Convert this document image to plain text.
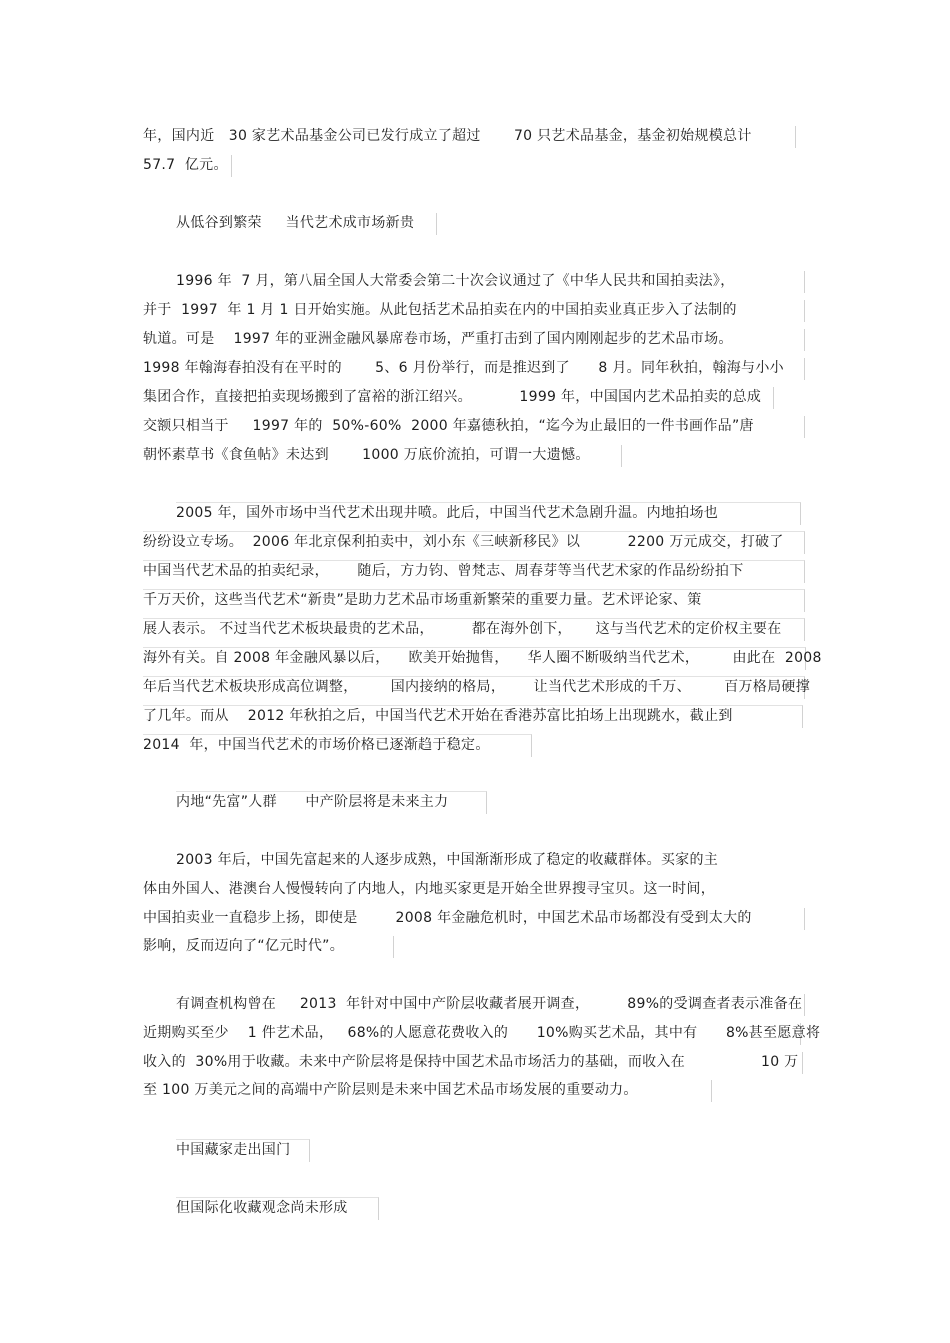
年，国内近   30 家艺术品基金公司已发行成立了超过       70 只艺术品基金，基金初始规模总计
57.7  亿元。
从低谷到繁荣     当代艺术成市场新贵
1996 年  7 月，第八届全国人大常委会第二十次会议通过了《中华人民共和国拍卖法》，
并于  1997  年 1 月 1 日开始实施。从此包括艺术品拍卖在内的中国拍卖业真正步入了法制的
轨道。可是    1997 年的亚洲金融风暴席卷市场，严重打击到了国内刚刚起步的艺术品市场。
1998 年翰海春拍没有在平时的       5、6 月份举行，而是推迟到了      8 月。同年秋拍，翰海与小小
集团合作，直接把拍卖现场搬到了富裕的浙江绍兴。          1999 年，中国国内艺术品拍卖的总成
交额只相当于     1997 年的  50%-60%  2000 年嘉德秋拍，“迄今为止最旧的一件书画作品”唐
朝怀素草书《食鱼帖》未达到       1000 万底价流拍，可谓一大遗憾。
2005 年，国外市场中当代艺术出现井喷。此后，中国当代艺术急剧升温。内地拍场也
纷纷设立专场。  2006 年北京保利拍卖中，刘小东《三峡新移民》以          2200 万元成交，打破了
中国当代艺术品的拍卖纪录，      随后，方力钧、曾梵志、周春芽等当代艺术家的作品纷纷拍下
千万天价，这些当代艺术“新贵”是助力艺术品市场重新繁荣的重要力量。艺术评论家、策
展人表示。 不过当代艺术板块最贵的艺术品，        都在海外创下，     这与当代艺术的定价权主要在
海外有关。自 2008 年金融风暴以后，    欧美开始抛售，    华人圈不断吸纳当代艺术，       由此在  2008
年后当代艺术板块形成高位调整，       国内接纳的格局，      让当代艺术形成的千万、       百万格局硬撑
了几年。而从    2012 年秋拍之后，中国当代艺术开始在香港苏富比拍场上出现跳水，截止到
2014  年，中国当代艺术的市场价格已逐渐趋于稳定。
内地“先富”人群      中产阶层将是未来主力
2003 年后，中国先富起来的人逐步成熟，中国渐渐形成了稳定的收藏群体。买家的主
体由外国人、港澳台人慢慢转向了内地人，内地买家更是开始全世界搜寻宝贝。这一时间，
中国拍卖业一直稳步上扬，即使是        2008 年金融危机时，中国艺术品市场都没有受到太大的
影响，反而迈向了“亿元时代”。
有调查机构曾在     2013  年针对中国中产阶层收藏者展开调查，        89%的受调查者表示准备在
近期购买至少    1 件艺术品，   68%的人愿意花费收入的      10%购买艺术品，其中有      8%甚至愿意将
收入的  30%用于收藏。未来中产阶层将是保持中国艺术品市场活力的基础，而收入在                10 万
至 100 万美元之间的高端中产阶层则是未来中国艺术品市场发展的重要动力。
中国藏家走出国门
但国际化收藏观念尚未形成
